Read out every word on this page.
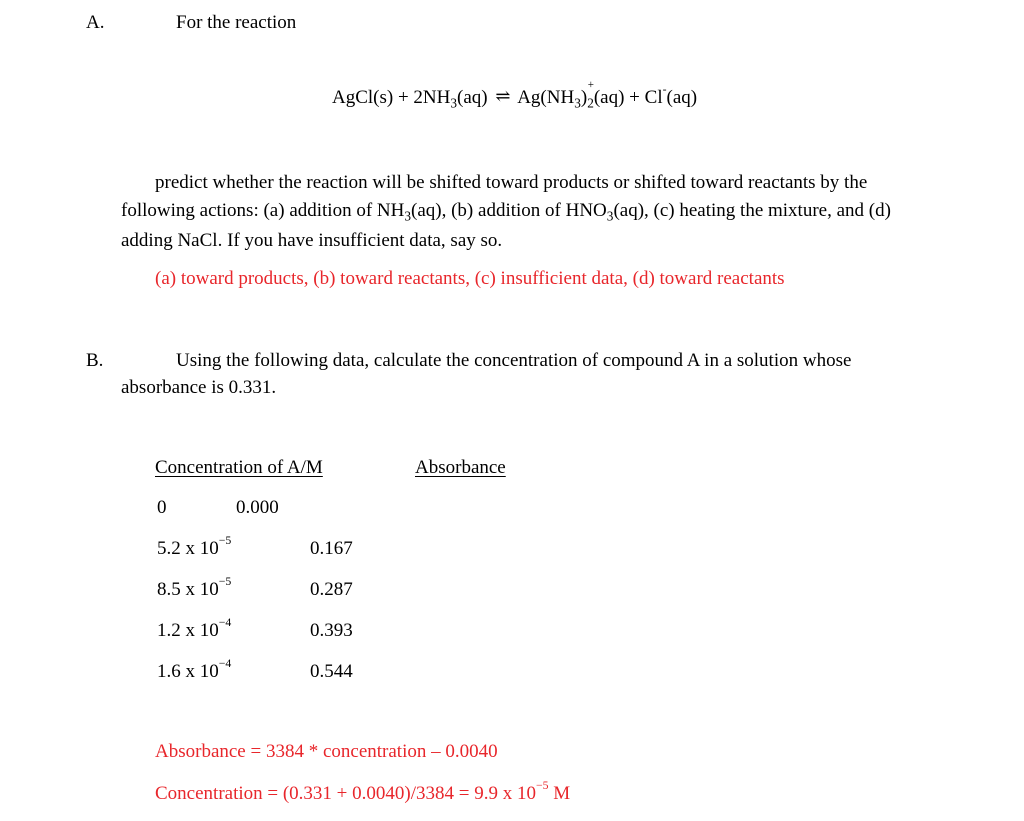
A.	For the reaction
AgCl(s) + $2NH_3(aq)$ ⇌ $Ag(NH_3)_2$
+
(aq) + Cl-(aq)
predict whether the reaction will be shifted toward products or shifted toward reactants by the
following actions: (a) addition of $NH_3(aq)$, (b) addition of $HNO_3(aq)$, (c) heating the mixture, and (d)
adding NaCl. If you have insufficient data, say so.
(a) toward products, (b) toward reactants, (c) insufficient data, (d) toward reactants
B.	Using the following data, calculate the concentration of compound A in a solution whose
absorbance is 0.331.
Concentration of A/M	Absorbance
0	0.000
5.2 x $10^{-5}$	0.167
8.5 x $10^{-5}$	0.287
1.2 x $10^{-4}$	0.393
1.6 x $10^{-4}$	0.544
Absorbance = 3384 * concentration – 0.0040
Concentration = (0.331 + 0.0040)/3384 = 9.9 x $10^{-5}$ M
